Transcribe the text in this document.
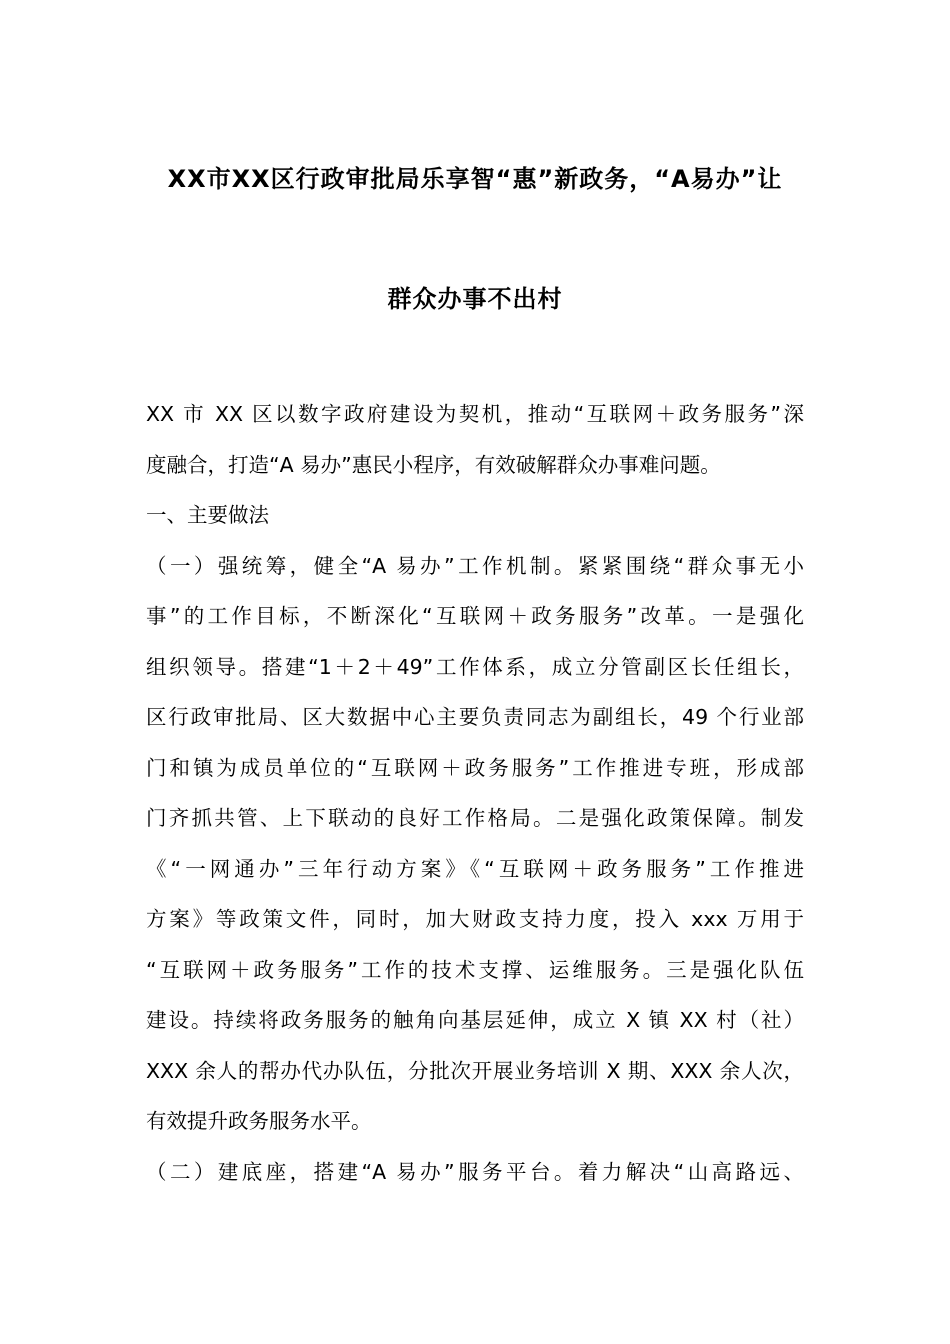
XX市XX区行政审批局乐享智“惠”新政务，“A易办”让
群众办事不出村
XX 市 XX 区以数字政府建设为契机，推动“互联网＋政务服务”深
度融合，打造“A 易办”惠民小程序，有效破解群众办事难问题。
一、主要做法
（一）强统筹，健全“A 易办”工作机制。紧紧围绕“群众事无小
事”的工作目标，不断深化“互联网＋政务服务”改革。一是强化
组织领导。搭建“1＋2＋49”工作体系，成立分管副区长任组长，
区行政审批局、区大数据中心主要负责同志为副组长，49 个行业部
门和镇为成员单位的“互联网＋政务服务”工作推进专班，形成部
门齐抓共管、上下联动的良好工作格局。二是强化政策保障。制发
《“一网通办”三年行动方案》《“互联网＋政务服务”工作推进
方案》等政策文件，同时，加大财政支持力度，投入 xxx 万用于
“互联网＋政务服务”工作的技术支撑、运维服务。三是强化队伍
建设。持续将政务服务的触角向基层延伸，成立 X 镇 XX 村（社）
XXX 余人的帮办代办队伍，分批次开展业务培训 X 期、XXX 余人次，
有效提升政务服务水平。
（二）建底座，搭建“A 易办”服务平台。着力解决“山高路远、
